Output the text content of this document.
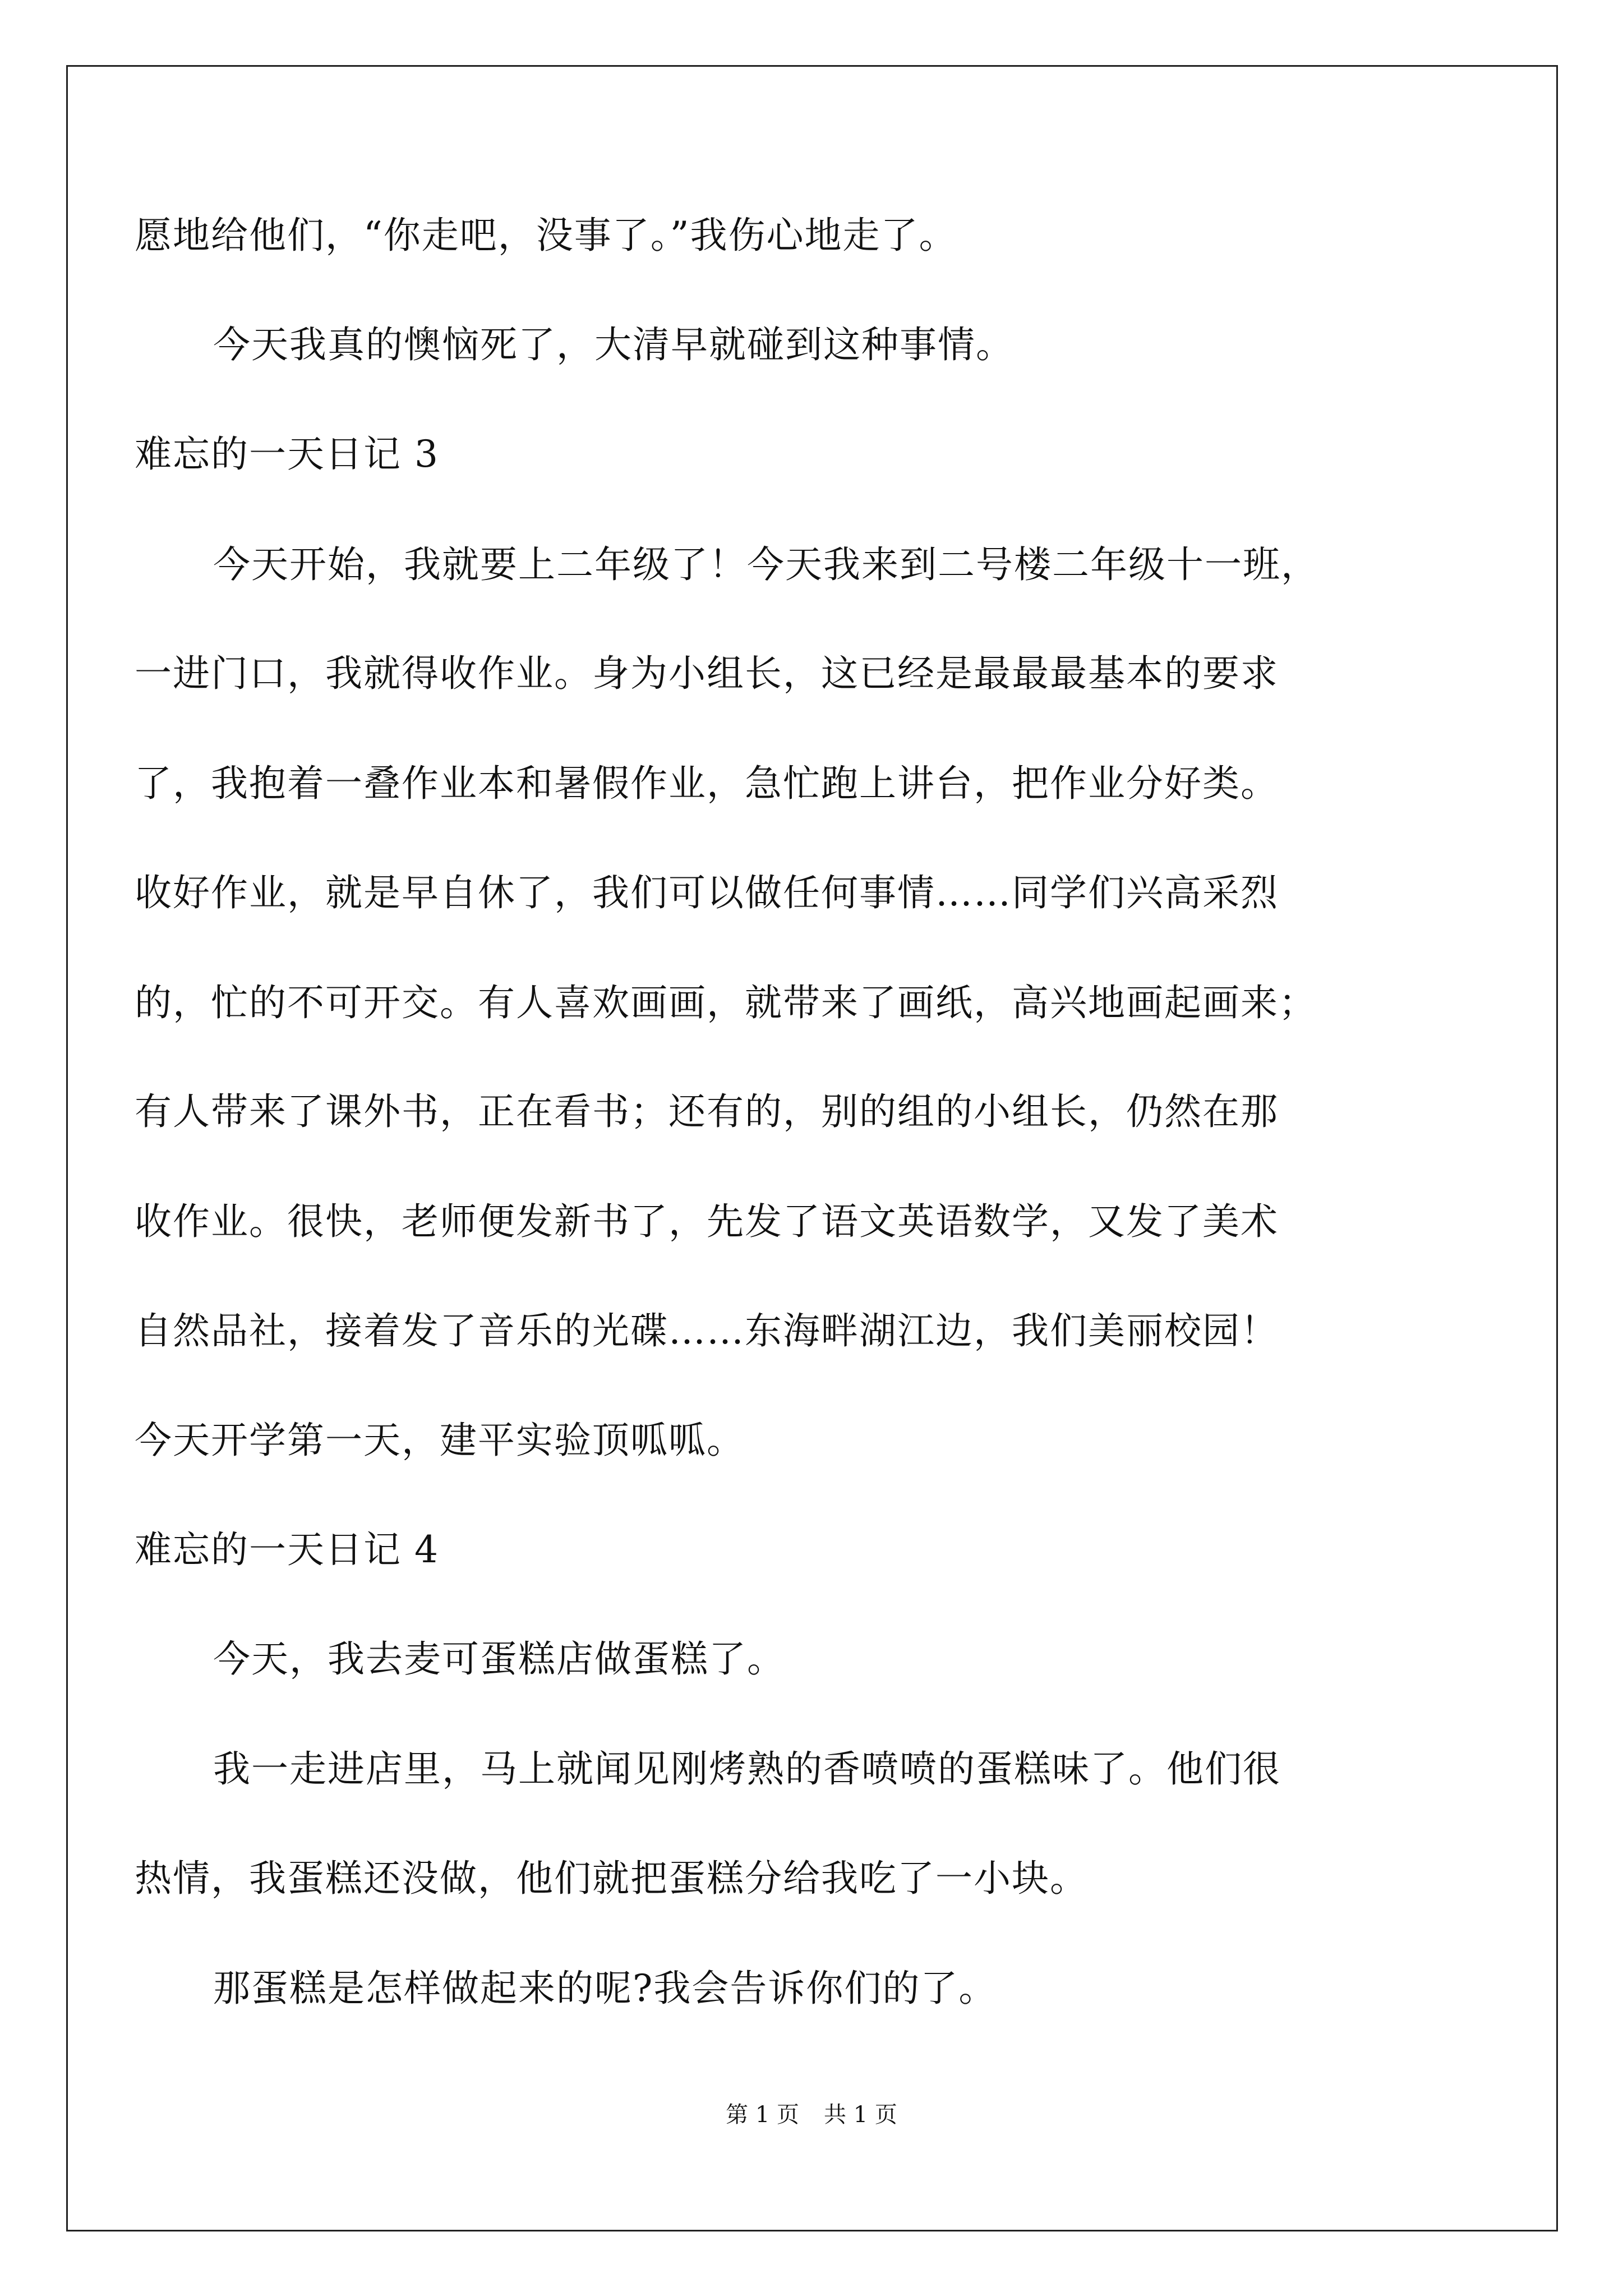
愿地给他们，“你走吧，没事了。”我伤心地走了。
今天我真的懊恼死了，大清早就碰到这种事情。
难忘的一天日记 3
今天开始，我就要上二年级了！今天我来到二号楼二年级十一班，
一进门口，我就得收作业。身为小组长，这已经是最最最基本的要求
了，我抱着一叠作业本和暑假作业，急忙跑上讲台，把作业分好类。
收好作业，就是早自休了，我们可以做任何事情……同学们兴高采烈
的，忙的不可开交。有人喜欢画画，就带来了画纸，高兴地画起画来；
有人带来了课外书，正在看书；还有的，别的组的小组长，仍然在那
收作业。很快，老师便发新书了，先发了语文英语数学，又发了美术
自然品社，接着发了音乐的光碟……东海畔湖江边，我们美丽校园！
今天开学第一天，建平实验顶呱呱。
难忘的一天日记 4
今天，我去麦可蛋糕店做蛋糕了。
我一走进店里，马上就闻见刚烤熟的香喷喷的蛋糕味了。他们很
热情，我蛋糕还没做，他们就把蛋糕分给我吃了一小块。
那蛋糕是怎样做起来的呢?我会告诉你们的了。
第 1 页 共 1 页
